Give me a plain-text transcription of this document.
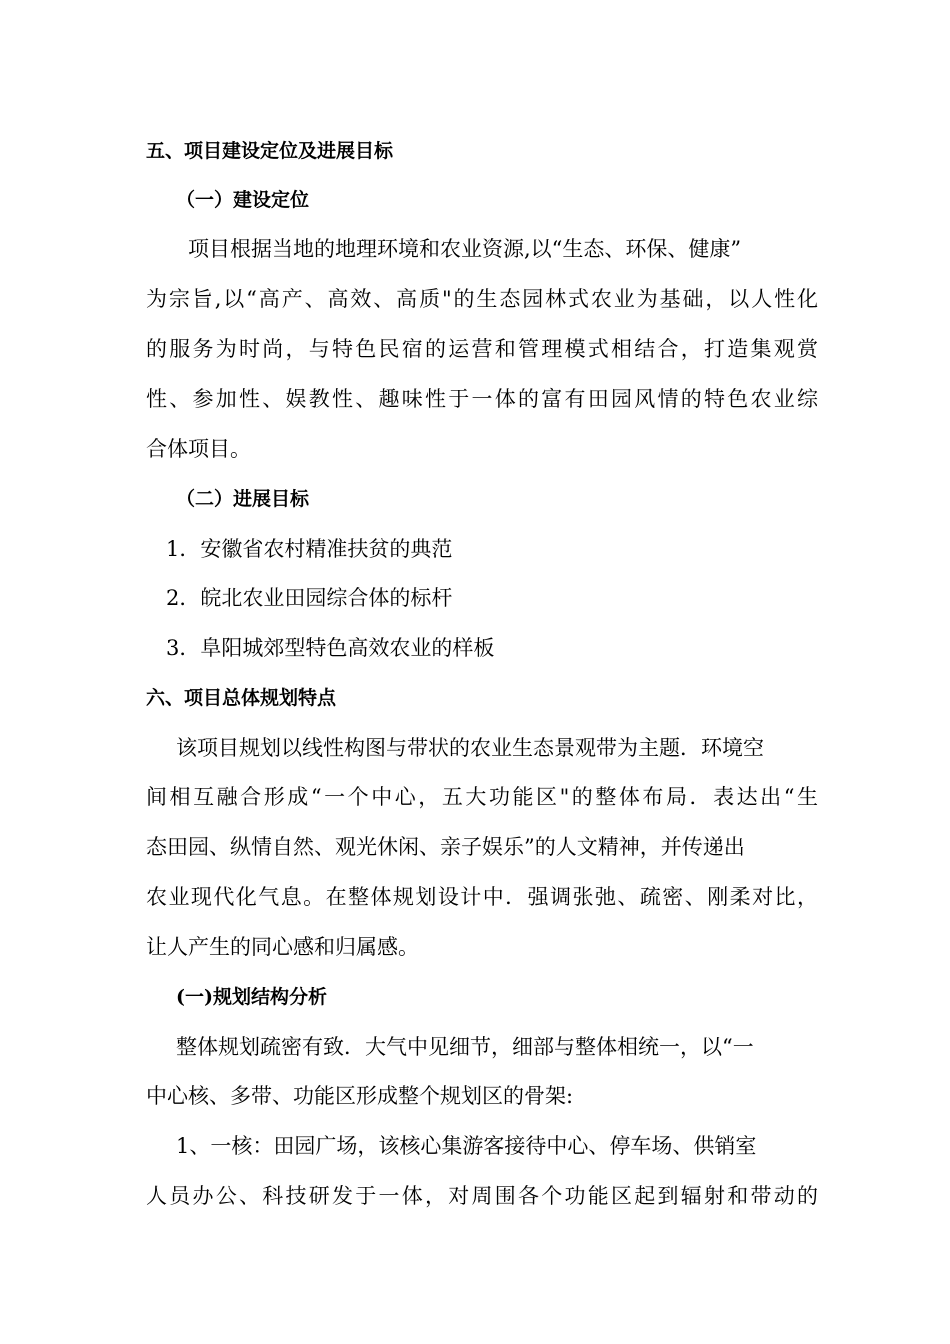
五、项目建设定位及进展目标
（一）建设定位
项目根据当地的地理环境和农业资源,以“生态、环保、健康”
为宗旨,以“高产、高效、高质"的生态园林式农业为基础，以人性化
的服务为时尚，与特色民宿的运营和管理模式相结合，打造集观赏
性、参加性、娱教性、趣味性于一体的富有田园风情的特色农业综
合体项目。
（二）进展目标
1．安徽省农村精准扶贫的典范
2．皖北农业田园综合体的标杆
3．阜阳城郊型特色高效农业的样板
六、项目总体规划特点
该项目规划以线性构图与带状的农业生态景观带为主题．环境空
间相互融合形成“一个中心，五大功能区"的整体布局．表达出“生
态田园、纵情自然、观光休闲、亲子娱乐”的人文精神，并传递出
农业现代化气息。在整体规划设计中．强调张弛、疏密、刚柔对比，
让人产生的同心感和归属感。
(一)规划结构分析
整体规划疏密有致．大气中见细节，细部与整体相统一，以“一
中心核、多带、功能区形成整个规划区的骨架:
1、一核：田园广场，该核心集游客接待中心、停车场、供销室
人员办公、科技研发于一体，对周围各个功能区起到辐射和带动的
